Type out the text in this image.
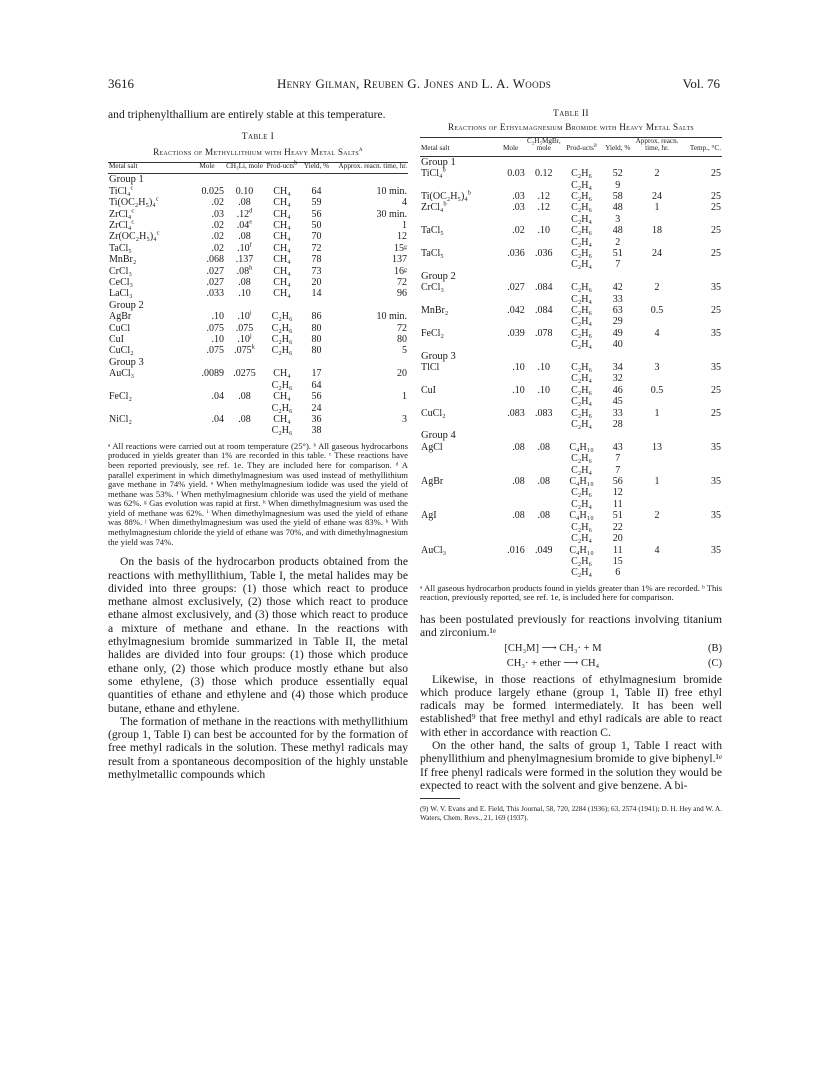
3616	Henry Gilman, Reuben G. Jones and L. A. Woods	Vol. 76

and triphenylthallium are entirely stable at this temperature.

Table I
Reactions of Methyllithium with Heavy Metal Salts$^a$
Metal salt	Mole	CH₃Li, mole	Prod-ucts$^b$	Yield, %	Approx. reacn. time, hr.
Group 1					
TiCl₄$^c$	0.025	0.10	CH₄	64	10 min.
Ti(OC₂H₅)₄$^c$	.02	.08	CH₄	59	4
ZrCl₄$^c$	.03	.12$^d$	CH₄	56	30 min.
ZrCl₄$^c$	.02	.04e	CH₄	50	1
Zr(OC₂H₅)₄$^c$	.02	.08	CH₄	70	12
TaCl₅	.02	.10$^f$	CH₄	72	15ᵍ
MnBr₂	.068	.137	CH₄	78	137
CrCl₃	.027	.08$^h$	CH₄	73	16ᵍ
CeCl₃	.027	.08	CH₄	20	72
LaCl₃	.033	.10	CH₄	14	96
Group 2					
AgBr	.10	.10$^i$	C₂H₆	86	10 min.
CuCl	.075	.075	C₂H₆	80	72
CuI	.10	.10$^j$	C₂H₆	80	80
CuCl₂	.075	.075$^k$	C₂H₆	80	5
Group 3					
AuCl₃	.0089	.0275	CH₄	17	20
			C₂H₆	64	
FeCl₂	.04	.08	CH₄	56	1
			C₂H₆	24	
NiCl₂	.04	.08	CH₄	36	3
			C₂H₆	38	

ᵃ All reactions were carried out at room temperature (25°). ᵇ All gaseous hydrocarbons produced in yields greater than 1% are recorded in this table. ᶜ These reactions have been reported previously, see ref. 1e. They are included here for comparison. ᵈ A parallel experiment in which dimethylmagnesium was used instead of methyllithium gave methane in 74% yield. ᵉ When methylmagnesium iodide was used the yield of methane was 53%. ᶠ When methylmagnesium chloride was used the yield of methane was 62%. ᵍ Gas evolution was rapid at first. ʰ When dimethylmagnesium was used the yield of methane was 62%. ⁱ When dimethylmagnesium was used the yield of ethane was 88%. ʲ When dimethylmagnesium was used the yield of ethane was 83%. ᵏ With methylmagnesium chloride the yield of ethane was 70%, and with dimethylmagnesium the yield was 74%.

On the basis of the hydrocarbon products obtained from the reactions with methyllithium, Table I, the metal halides may be divided into three groups: (1) those which react to produce methane almost exclusively, (2) those which react to produce ethane almost exclusively, and (3) those which react to produce a mixture of methane and ethane. In the reactions with ethylmagnesium bromide summarized in Table II, the metal halides are divided into four groups: (1) those which produce ethane only, (2) those which produce mostly ethane but also some ethylene, (3) those which produce essentially equal quantities of ethane and ethylene and (4) those which produce butane, ethane and ethylene.

The formation of methane in the reactions with methyllithium (group 1, Table I) can best be accounted for by the formation of free methyl radicals in the solution. These methyl radicals may result from a spontaneous decomposition of the highly unstable methylmetallic compounds which

Table II
Reactions of Ethylmagnesium Bromide with Heavy Metal Salts
Metal salt	Mole	C₂H₅MgBr, mole	Prod-ucts$^a$	Yield, %	Approx. reacn. time, hr.	Temp., °C.
Group 1						
TiCl₄$^b$	0.03	0.12	C₂H₆	52	2	25
			C₂H₄	9		
Ti(OC₂H₅)₄$^b$	.03	.12	C₂H₆	58	24	25
ZrCl₄$^b$	.03	.12	C₂H₆	48	1	25
			C₂H₄	3		
TaCl₅	.02	.10	C₂H₆	48	18	25
			C₂H₄	2		
TaCl₅	.036	.036	C₂H₆	51	24	25
			C₂H₄	7		
Group 2						
CrCl₃	.027	.084	C₂H₆	42	2	35
			C₂H₄	33		
MnBr₂	.042	.084	C₂H₆	63	0.5	25
			C₂H₄	29		
FeCl₂	.039	.078	C₂H₆	49	4	35
			C₂H₄	40		
Group 3						
TlCl	.10	.10	C₂H₆	34	3	35
			C₂H₄	32		
CuI	.10	.10	C₂H₆	46	0.5	25
			C₂H₄	45		
CuCl₂	.083	.083	C₂H₆	33	1	25
			C₂H₄	28		
Group 4						
AgCl	.08	.08	C₄H₁₀	43	13	35
			C₂H₆	7		
			C₂H₄	7		
AgBr	.08	.08	C₄H₁₀	56	1	35
			C₂H₆	12		
			C₂H₄	11		
AgI	.08	.08	C₄H₁₀	51	2	35
			C₂H₆	22		
			C₂H₄	20		
AuCl₃	.016	.049	C₄H₁₀	11	4	35
			C₂H₆	15		
			C₂H₄	6		

ᵃ All gaseous hydrocarbon products found in yields greater than 1% are recorded. ᵇ This reaction, previously reported, see ref. 1e, is included here for comparison.

has been postulated previously for reactions involving titanium and zirconium.¹ᵉ

[CH₃M] ⟶ CH₃· + M	(B)
CH₃· + ether ⟶ CH₄	(C)

Likewise, in those reactions of ethylmagnesium bromide which produce largely ethane (group 1, Table II) free ethyl radicals may be formed intermediately. It has been well established⁹ that free methyl and ethyl radicals are able to react with ether in accordance with reaction C.

On the other hand, the salts of group 1, Table I react with phenyllithium and phenylmagnesium bromide to give biphenyl.¹ᵉ If free phenyl radicals were formed in the solution they would be expected to react with the solvent and give benzene. A bi-

(9) W. V. Evans and E. Field, This Journal, 58, 720, 2284 (1936); 63, 2574 (1941); D. H. Hey and W. A. Waters, Chem. Revs., 21, 169 (1937).
